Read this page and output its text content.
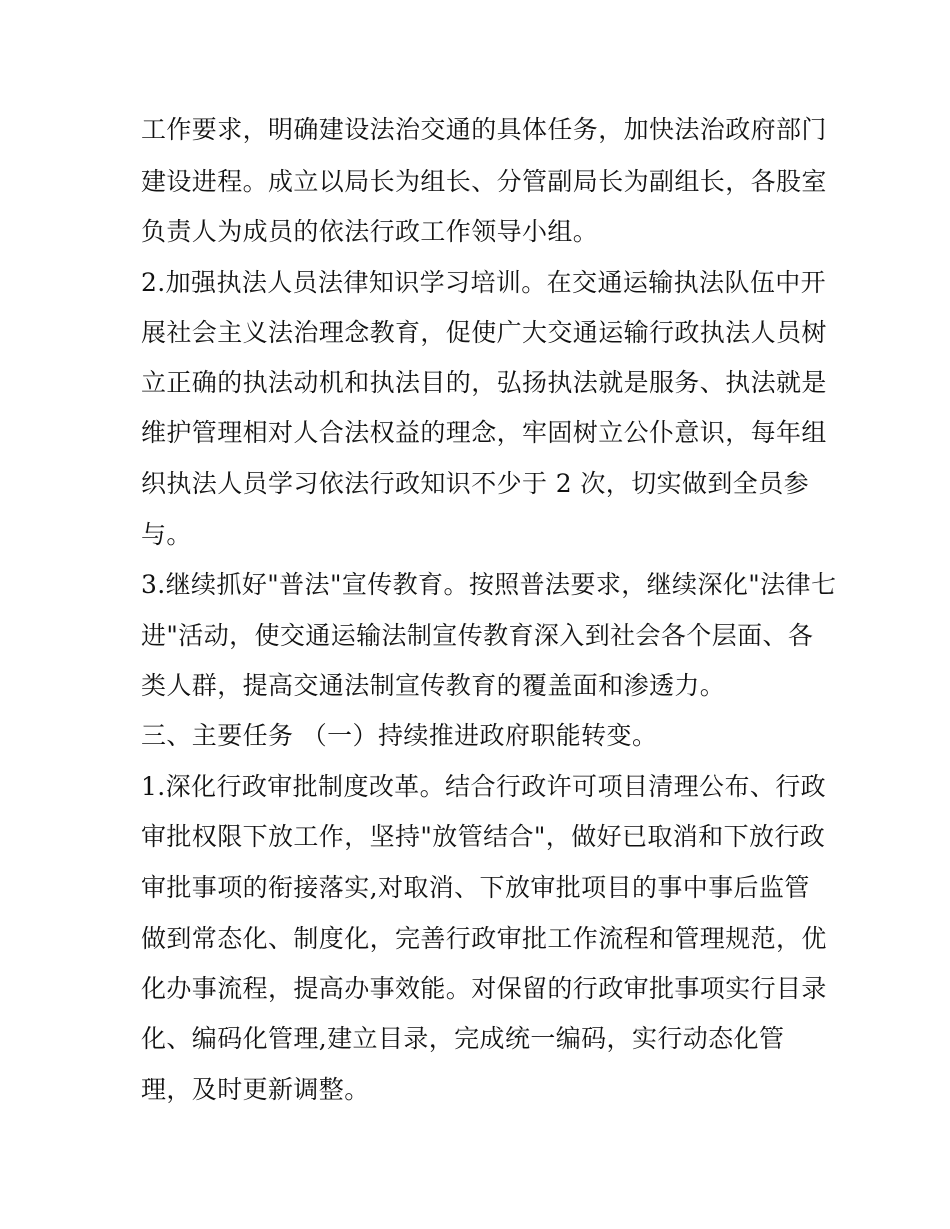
工作要求，明确建设法治交通的具体任务，加快法治政府部门
建设进程。成立以局长为组长、分管副局长为副组长，各股室
负责人为成员的依法行政工作领导小组。
2.加强执法人员法律知识学习培训。在交通运输执法队伍中开
展社会主义法治理念教育，促使广大交通运输行政执法人员树
立正确的执法动机和执法目的，弘扬执法就是服务、执法就是
维护管理相对人合法权益的理念，牢固树立公仆意识，每年组
织执法人员学习依法行政知识不少于 2 次，切实做到全员参
与。
3.继续抓好"普法"宣传教育。按照普法要求，继续深化"法律七
进"活动，使交通运输法制宣传教育深入到社会各个层面、各
类人群，提高交通法制宣传教育的覆盖面和渗透力。
三、主要任务 （一）持续推进政府职能转变。
1.深化行政审批制度改革。结合行政许可项目清理公布、行政
审批权限下放工作，坚持"放管结合"，做好已取消和下放行政
审批事项的衔接落实,对取消、下放审批项目的事中事后监管
做到常态化、制度化，完善行政审批工作流程和管理规范，优
化办事流程，提高办事效能。对保留的行政审批事项实行目录
化、编码化管理,建立目录，完成统一编码，实行动态化管
理，及时更新调整。
